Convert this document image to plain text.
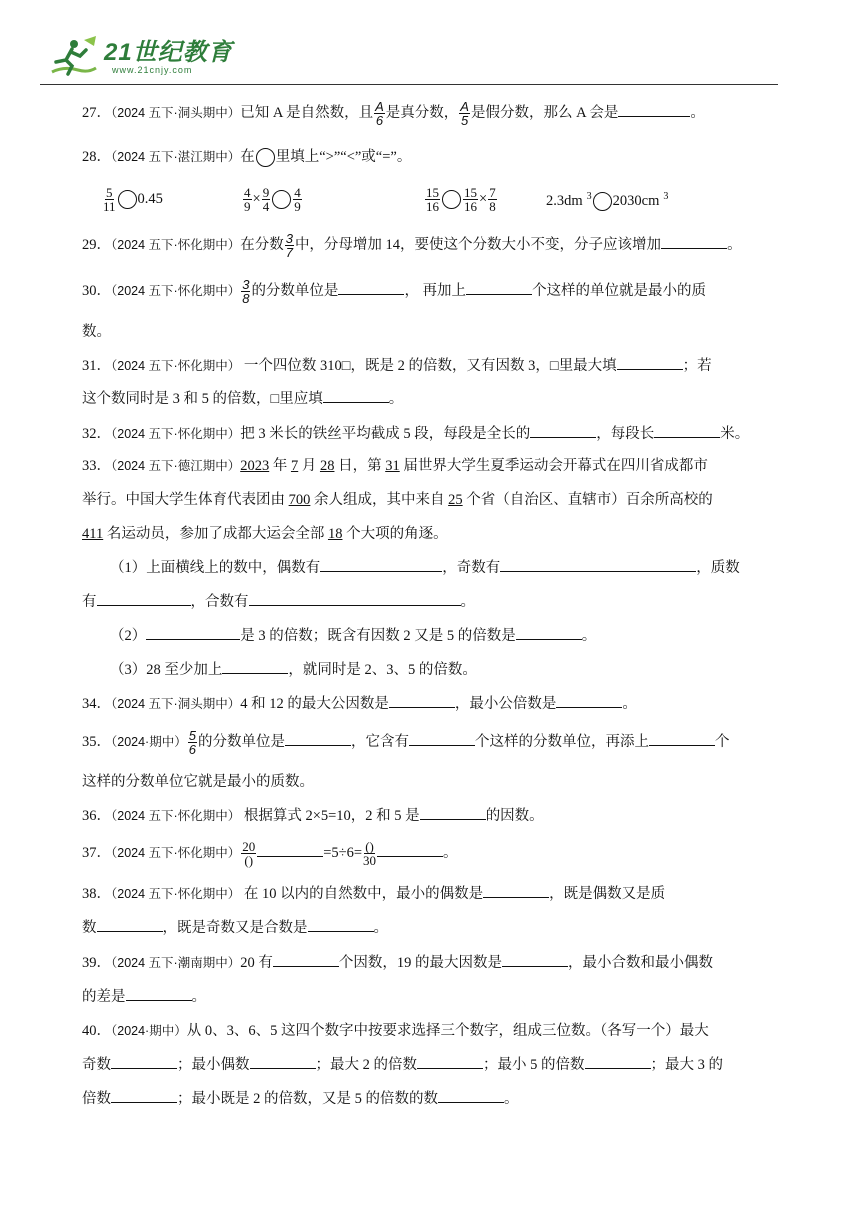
21世纪教育
www.21cnjy.com
27．（2024 五下·洞头期中）已知 A 是自然数，且 $\frac{A}{6}$ 是真分数， $\frac{A}{5}$ 是假分数，那么 A 会是	。
28．（2024 五下·湛江期中）在 里填上“>”“<”或“=”。
$\frac{5}{11} 0.45$	$\frac{4}{9} \times \frac{9}{4} \frac{4}{9}$	$\frac{15}{16} \frac{15}{16} \times \frac{7}{8}$	2.3dm $^3$ 2030cm $^3$
29．（2024 五下·怀化期中）在分数 $\frac{3}{7}$ 中，分母增加 14，要使这个分数大小不变，分子应该增加	。
30．（2024 五下·怀化期中） $\frac{3}{8}$ 的分数单位是	， 再加上	个这样的单位就是最小的质
数。
31．（2024 五下·怀化期中） 一个四位数 310□，既是 2 的倍数，又有因数 3，□里最大填	；若
这个数同时是 3 和 5 的倍数，□里应填	。
32．（2024 五下·怀化期中）把 3 米长的铁丝平均截成 5 段，每段是全长的	，每段长	米。
33．（2024 五下·德江期中）2023 年 7 月 28 日，第 31 届世界大学生夏季运动会开幕式在四川省成都市
举行。中国大学生体育代表团由 700 余人组成，其中来自 25 个省（自治区、直辖市）百余所高校的
411 名运动员，参加了成都大运会全部 18 个大项的角逐。
（1）上面横线上的数中，偶数有	，奇数有	，质数
有	，合数有	。
（2）	是 3 的倍数；既含有因数 2 又是 5 的倍数是	。
（3）28 至少加上	，就同时是 2、3、5 的倍数。
34．（2024 五下·洞头期中）4 和 12 的最大公因数是	，最小公倍数是	。
35．（2024·期中） $\frac{5}{6}$ 的分数单位是	，它含有	个这样的分数单位，再添上	个
这样的分数单位它就是最小的质数。
36．（2024 五下·怀化期中） 根据算式 2×5=10，2 和 5 是	的因数。
37．（2024 五下·怀化期中） $\frac{20}{()}$	$=5\div 6= \frac{()}{30}$	。
38．（2024 五下·怀化期中） 在 10 以内的自然数中，最小的偶数是	，既是偶数又是质
数	，既是奇数又是合数是	。
39．（2024 五下·潮南期中）20 有	个因数，19 的最大因数是	，最小合数和最小偶数
的差是	。
40．（2024·期中）从 0、3、6、5 这四个数字中按要求选择三个数字，组成三位数。（各写一个）最大
奇数	；最小偶数	；最大 2 的倍数	；最小 5 的倍数	；最大 3 的
倍数	；最小既是 2 的倍数，又是 5 的倍数的数	。
